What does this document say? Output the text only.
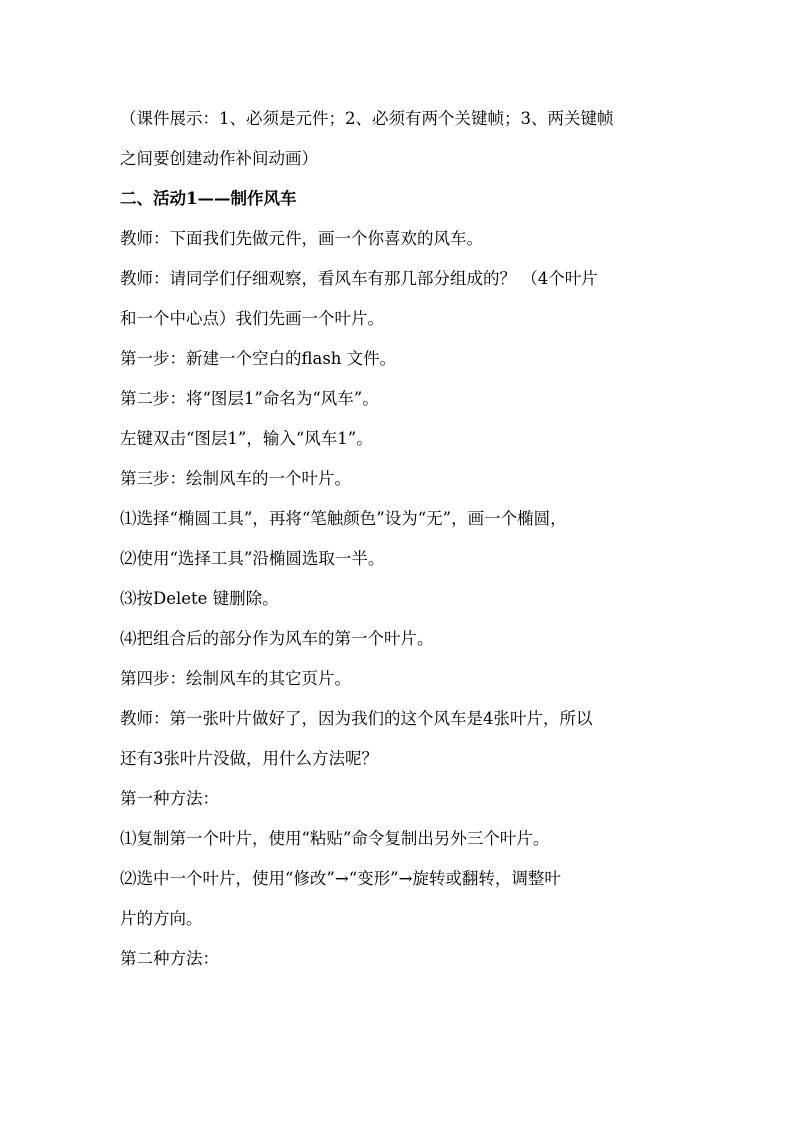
（课件展示：1、必须是元件；2、必须有两个关键帧；3、两关键帧
之间要创建动作补间动画）
二、活动1——制作风车
教师：下面我们先做元件，画一个你喜欢的风车。
教师：请同学们仔细观察，看风车有那几部分组成的？ （4个叶片
和一个中心点）我们先画一个叶片。
第一步：新建一个空白的flash 文件。
第二步：将“图层1”命名为“风车”。
左键双击“图层1”，输入“风车1”。
第三步：绘制风车的一个叶片。
⑴选择“椭圆工具”，再将“笔触颜色”设为“无”，画一个椭圆，
⑵使用“选择工具”沿椭圆选取一半。
⑶按Delete 键删除。
⑷把组合后的部分作为风车的第一个叶片。
第四步：绘制风车的其它页片。
教师：第一张叶片做好了，因为我们的这个风车是4张叶片，所以
还有3张叶片没做，用什么方法呢？
第一种方法：
⑴复制第一个叶片，使用“粘贴”命令复制出另外三个叶片。
⑵选中一个叶片，使用“修改”→“变形”→旋转或翻转，调整叶
片的方向。
第二种方法：
